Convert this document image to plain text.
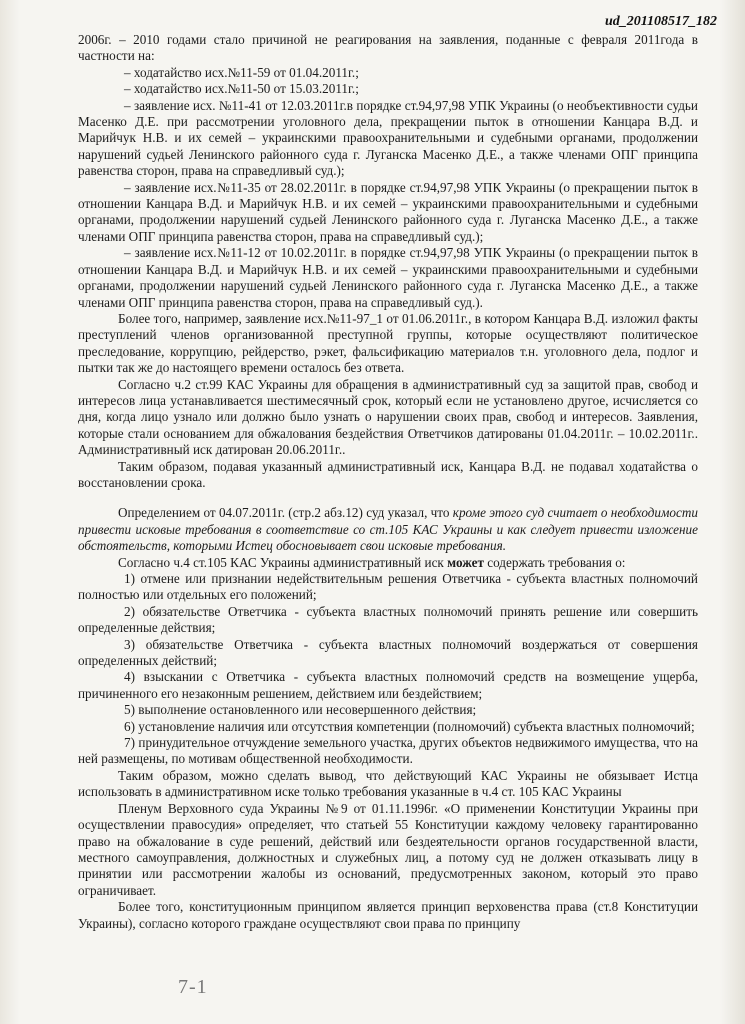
ud_201108517_182

2006г. – 2010 годами стало причиной не реагирования на заявления, поданные с февраля 2011года в частности на:

– ходатайство исх.№11-59 от 01.04.2011г.;

– ходатайство исх.№11-50 от 15.03.2011г.;

– заявление исх. №11-41 от 12.03.2011г.в порядке ст.94,97,98 УПК Украины (о необъективности судьи Масенко Д.Е. при рассмотрении уголовного дела, прекращении пыток в отношении Канцара В.Д. и Марийчук Н.В. и их семей – украинскими правоохранительными и судебными органами, продолжении нарушений судьей Ленинского районного суда г. Луганска Масенко Д.Е., а также членами ОПГ принципа равенства сторон, права на справедливый суд.);

– заявление исх.№11-35 от 28.02.2011г. в порядке ст.94,97,98 УПК Украины (о прекращении пыток в отношении Канцара В.Д. и Марийчук Н.В. и их семей – украинскими правоохранительными и судебными органами, продолжении нарушений судьей Ленинского районного суда г. Луганска Масенко Д.Е., а также членами ОПГ принципа равенства сторон, права на справедливый суд.);

– заявление исх.№11-12 от 10.02.2011г. в порядке ст.94,97,98 УПК Украины (о прекращении пыток в отношении Канцара В.Д. и Марийчук Н.В. и их семей – украинскими правоохранительными и судебными органами, продолжении нарушений судьей Ленинского районного суда г. Луганска Масенко Д.Е., а также членами ОПГ принципа равенства сторон, права на справедливый суд.).

Более того, например, заявление исх.№11-97_1 от 01.06.2011г., в котором Канцара В.Д. изложил факты преступлений членов организованной преступной группы, которые осуществляют политическое преследование, коррупцию, рейдерство, рэкет, фальсификацию материалов т.н. уголовного дела, подлог и пытки так же до настоящего времени осталось без ответа.

Согласно ч.2 ст.99 КАС Украины для обращения в административный суд за защитой прав, свобод и интересов лица устанавливается шестимесячный срок, который если не установлено другое, исчисляется со дня, когда лицо узнало или должно было узнать о нарушении своих прав, свобод и интересов. Заявления, которые стали основанием для обжалования бездействия Ответчиков датированы 01.04.2011г. – 10.02.2011г.. Административный иск датирован 20.06.2011г..

Таким образом, подавая указанный административный иск, Канцара В.Д. не подавал ходатайства о восстановлении срока.

Определением от 04.07.2011г. (стр.2 абз.12) суд указал, что кроме этого суд считает о необходимости привести исковые требования в соответствие со ст.105 КАС Украины и как следует привести изложение обстоятельств, которыми Истец обосновывает свои исковые требования.

Согласно ч.4 ст.105 КАС Украины административный иск может содержать требования о:

1) отмене или признании недействительным решения Ответчика - субъекта властных полномочий полностью или отдельных его положений;

2) обязательстве Ответчика - субъекта властных полномочий принять решение или совершить определенные действия;

3) обязательстве Ответчика - субъекта властных полномочий воздержаться от совершения определенных действий;

4) взыскании с Ответчика - субъекта властных полномочий средств на возмещение ущерба, причиненного его незаконным решением, действием или бездействием;

5) выполнение остановленного или несовершенного действия;

6) установление наличия или отсутствия компетенции (полномочий) субъекта властных полномочий;

7) принудительное отчуждение земельного участка, других объектов недвижимого имущества, что на ней размещены, по мотивам общественной необходимости.

Таким образом, можно сделать вывод, что действующий КАС Украины не обязывает Истца использовать в административном иске только требования указанные в ч.4 ст. 105 КАС Украины

Пленум Верховного суда Украины №9 от 01.11.1996г. «О применении Конституции Украины при осуществлении правосудия» определяет, что статьей 55 Конституции каждому человеку гарантированно право на обжалование в суде решений, действий или бездеятельности органов государственной власти, местного самоуправления, должностных и служебных лиц, а потому суд не должен отказывать лицу в принятии или рассмотрении жалобы из оснований, предусмотренных законом, который это право ограничивает.

Более того, конституционным принципом является принцип верховенства права (ст.8 Конституции Украины), согласно которого граждане осуществляют свои права по принципу

7-1
